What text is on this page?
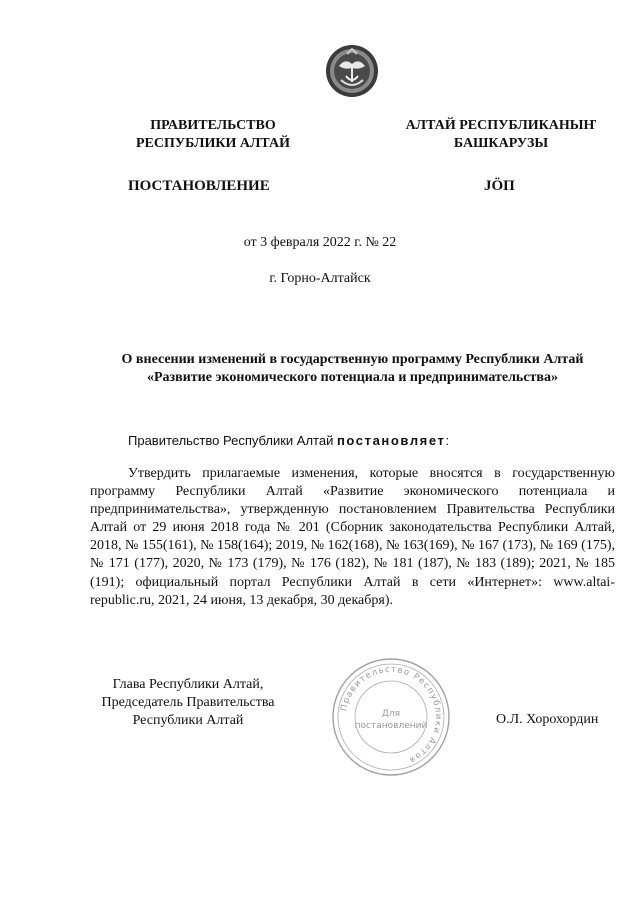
ПРАВИТЕЛЬСТВО
РЕСПУБЛИКИ АЛТАЙ
АЛТАЙ РЕСПУБЛИКАНЫҤ
БАШКАРУЗЫ
ПОСТАНОВЛЕНИЕ	JÖП
от 3 февраля 2022 г. № 22
г. Горно-Алтайск
О внесении изменений в государственную программу Республики Алтай
«Развитие экономического потенциала и предпринимательства»
Правительство Республики Алтай постановляет:
Утвердить прилагаемые изменения, которые вносятся в государственную программу Республики Алтай «Развитие экономического потенциала и предпринимательства», утвержденную постановлением Правительства Республики Алтай от 29 июня 2018 года № 201 (Сборник законодательства Республики Алтай, 2018, № 155(161), № 158(164); 2019, № 162(168), № 163(169), № 167 (173), № 169 (175), № 171 (177), 2020, № 173 (179), № 176 (182), № 181 (187), № 183 (189); 2021, № 185 (191); официальный портал Республики Алтай в сети «Интернет»: www.altai-republic.ru, 2021, 24 июня, 13 декабря, 30 декабря).
Правительство Республики Алтая
Для
постановлений
Глава Республики Алтай,
Председатель Правительства
Республики Алтай	О.Л. Хорохордин
